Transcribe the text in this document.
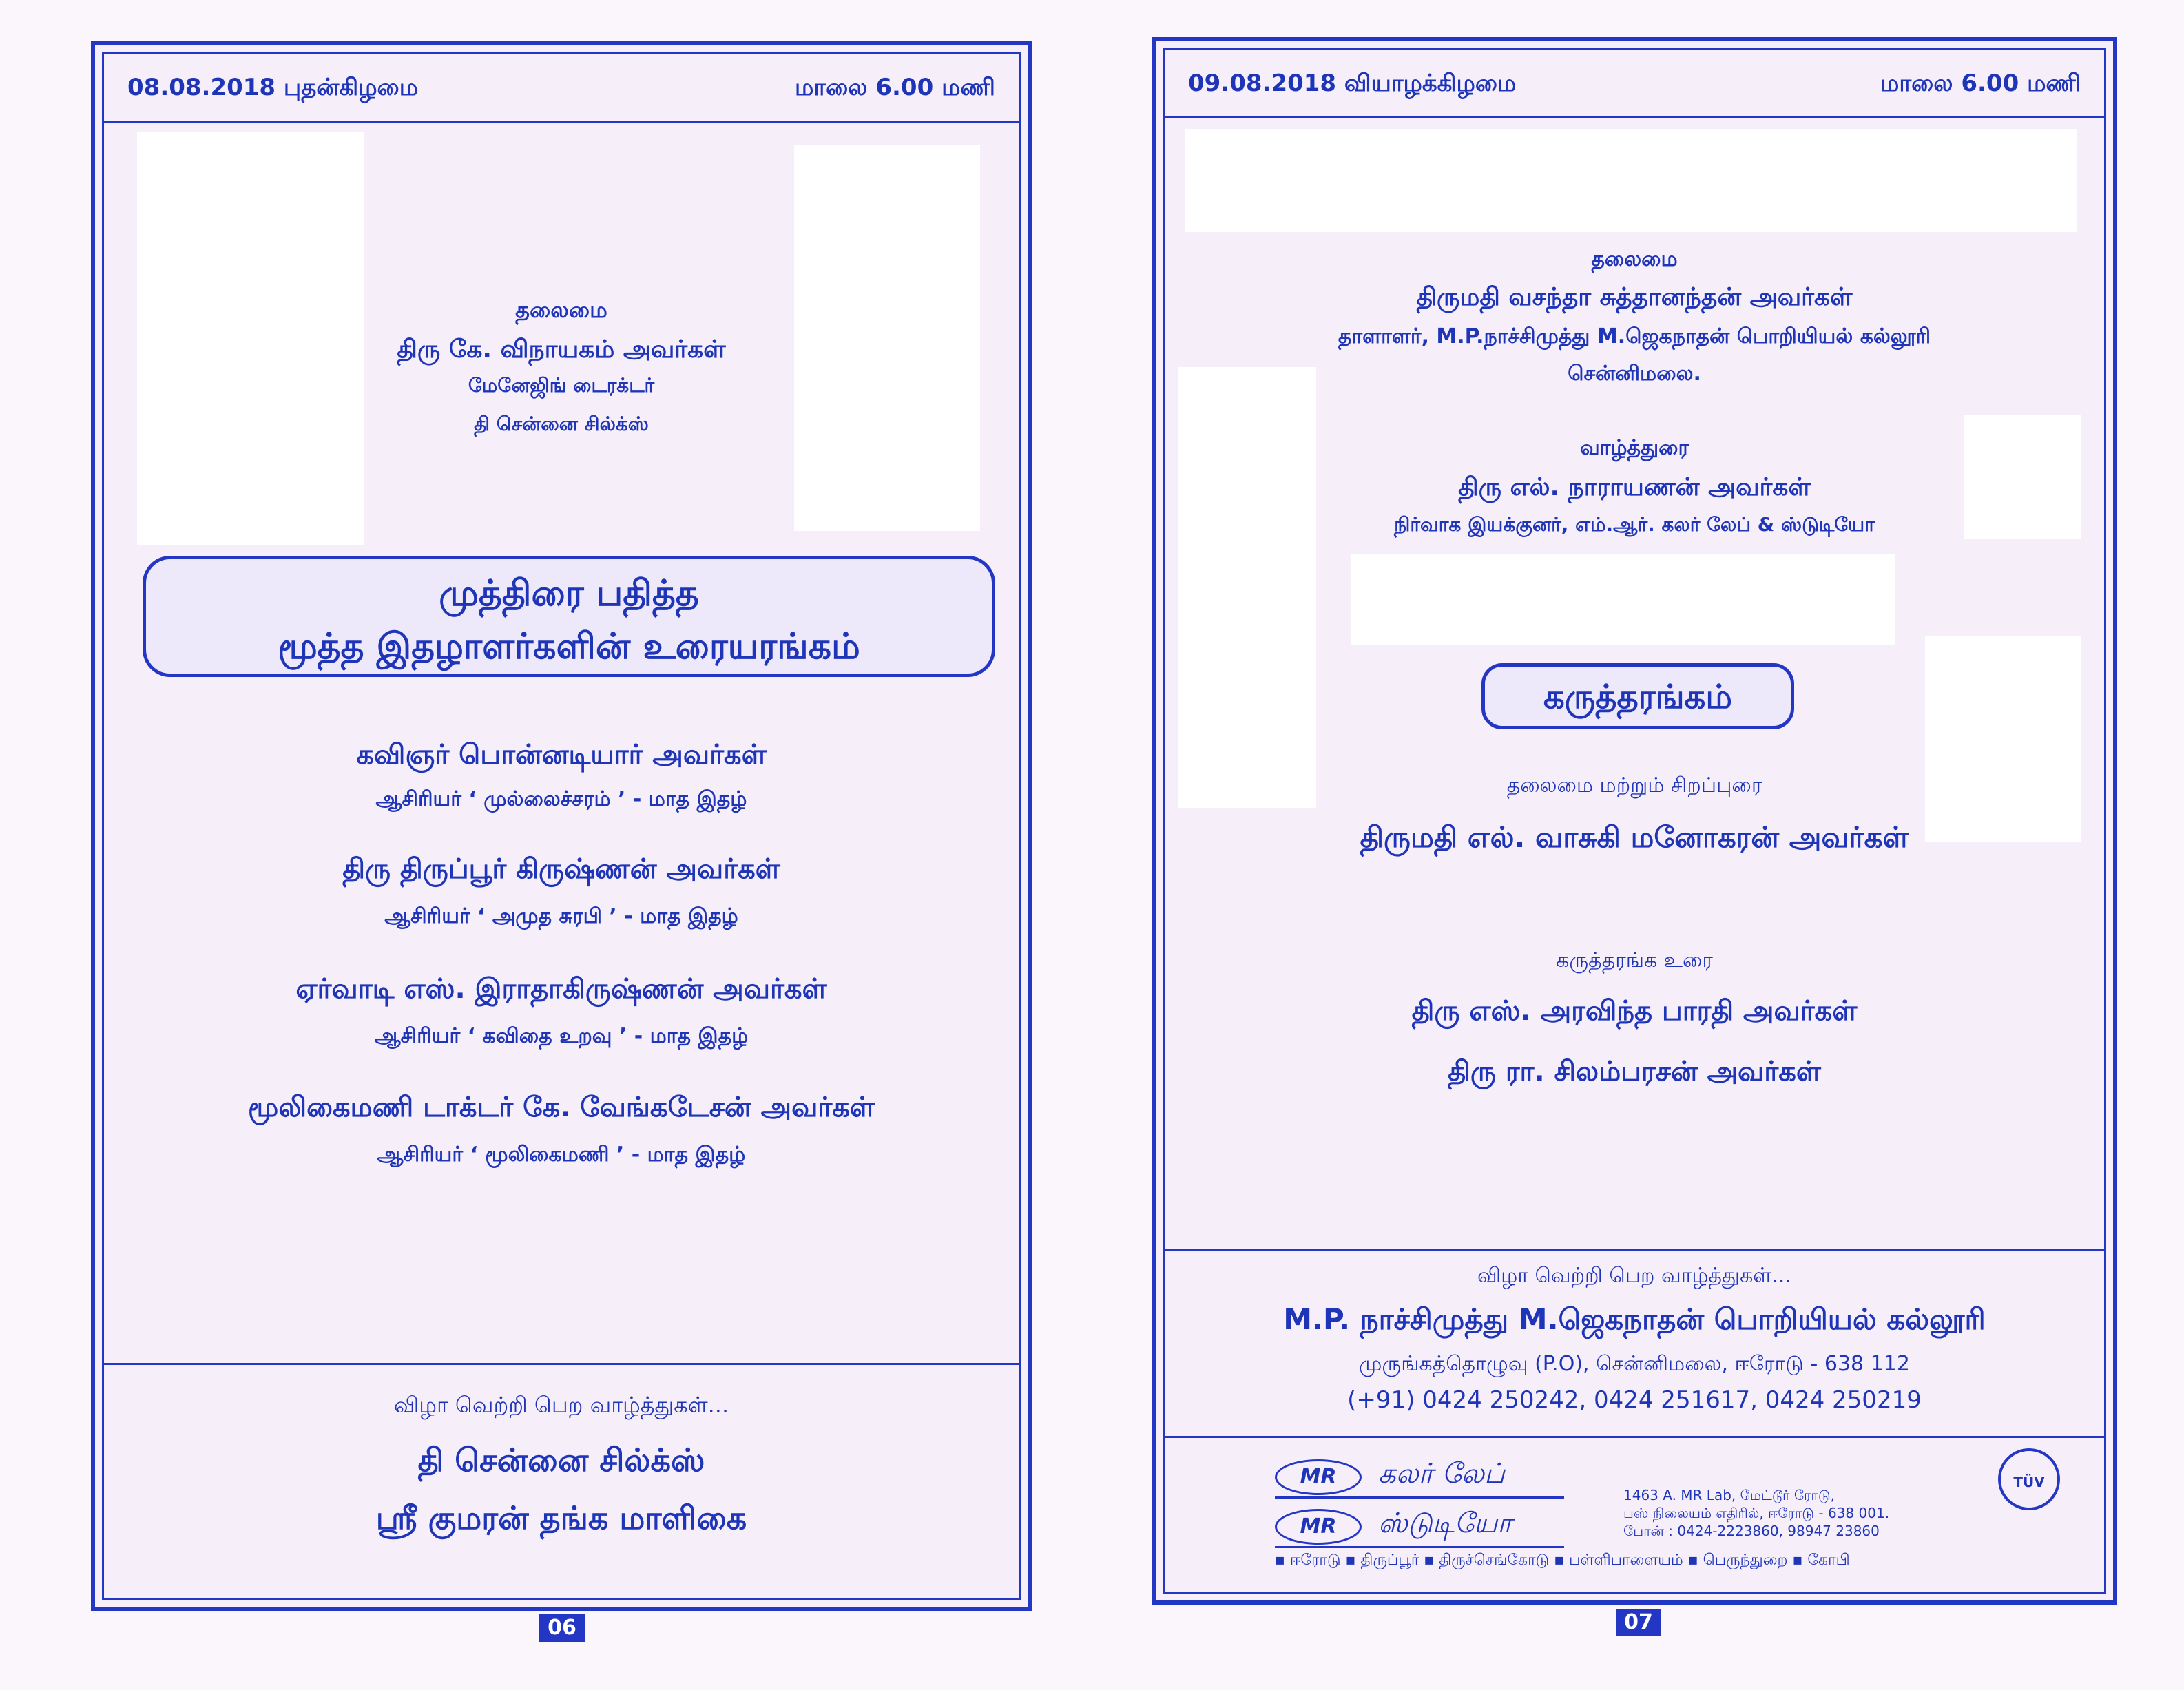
08.08.2018 புதன்கிழமை	மாலை 6.00 மணி
தலைமை
திரு கே. விநாயகம் அவர்கள்
மேனேஜிங் டைரக்டர்
தி சென்னை சில்க்ஸ்
முத்திரை பதித்த
மூத்த இதழாளர்களின் உரையரங்கம்
கவிஞர் பொன்னடியார் அவர்கள்
ஆசிரியர் ‘ முல்லைச்சரம் ’ - மாத இதழ்
திரு திருப்பூர் கிருஷ்ணன் அவர்கள்
ஆசிரியர் ‘ அமுத சுரபி ’ - மாத இதழ்
ஏர்வாடி எஸ். இராதாகிருஷ்ணன் அவர்கள்
ஆசிரியர் ‘ கவிதை உறவு ’ - மாத இதழ்
மூலிகைமணி டாக்டர் கே. வேங்கடேசன் அவர்கள்
ஆசிரியர் ‘ மூலிகைமணி ’ - மாத இதழ்
விழா வெற்றி பெற வாழ்த்துகள்...
தி சென்னை சில்க்ஸ்
ஸ்ரீ குமரன் தங்க மாளிகை
06
09.08.2018 வியாழக்கிழமை	மாலை 6.00 மணி
தலைமை
திருமதி வசந்தா சுத்தானந்தன் அவர்கள்
தாளாளர், M.P.நாச்சிமுத்து M.ஜெகநாதன் பொறியியல் கல்லூரி
சென்னிமலை.
வாழ்த்துரை
திரு எல். நாராயணன் அவர்கள்
நிர்வாக இயக்குனர், எம்.ஆர். கலர் லேப் & ஸ்டுடியோ
கருத்தரங்கம்
தலைமை மற்றும் சிறப்புரை
திருமதி எல். வாசுகி மனோகரன் அவர்கள்
கருத்தரங்க உரை
திரு எஸ். அரவிந்த பாரதி அவர்கள்
திரு ரா. சிலம்பரசன் அவர்கள்
விழா வெற்றி பெற வாழ்த்துகள்...
M.P. நாச்சிமுத்து M.ஜெகநாதன் பொறியியல் கல்லூரி
முருங்கத்தொழுவு (P.O), சென்னிமலை, ஈரோடு - 638 112
(+91) 0424 250242, 0424 251617, 0424 250219
MR	கலர் லேப்
MR	ஸ்டுடியோ
1463 A. MR Lab, மேட்டூர் ரோடு,
பஸ் நிலையம் எதிரில், ஈரோடு - 638 001.
போன் : 0424-2223860, 98947 23860
TÜV
▪ ஈரோடு ▪ திருப்பூர் ▪ திருச்செங்கோடு ▪ பள்ளிபாளையம் ▪ பெருந்துறை ▪ கோபி
07
